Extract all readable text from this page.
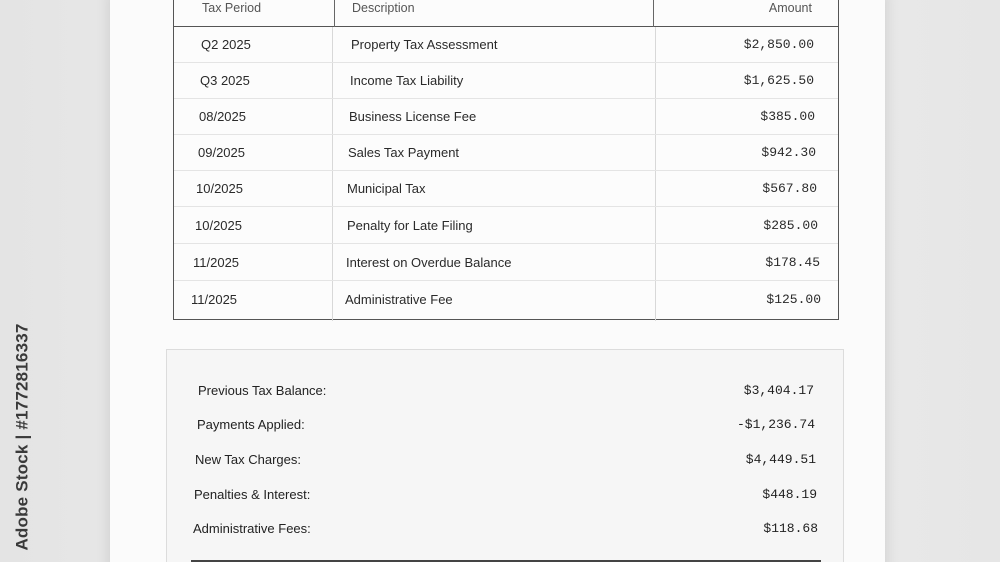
Adobe Stock | #1772816337
Tax Period	Description	Amount
Q2 2025	Property Tax Assessment	$2,850.00
Q3 2025	Income Tax Liability	$1,625.50
08/2025	Business License Fee	$385.00
09/2025	Sales Tax Payment	$942.30
10/2025	Municipal Tax	$567.80
10/2025	Penalty for Late Filing	$285.00
11/2025	Interest on Overdue Balance	$178.45
11/2025	Administrative Fee	$125.00
Previous Tax Balance:	$3,404.17
Payments Applied:	-$1,236.74
New Tax Charges:	$4,449.51
Penalties & Interest:	$448.19
Administrative Fees:	$118.68
